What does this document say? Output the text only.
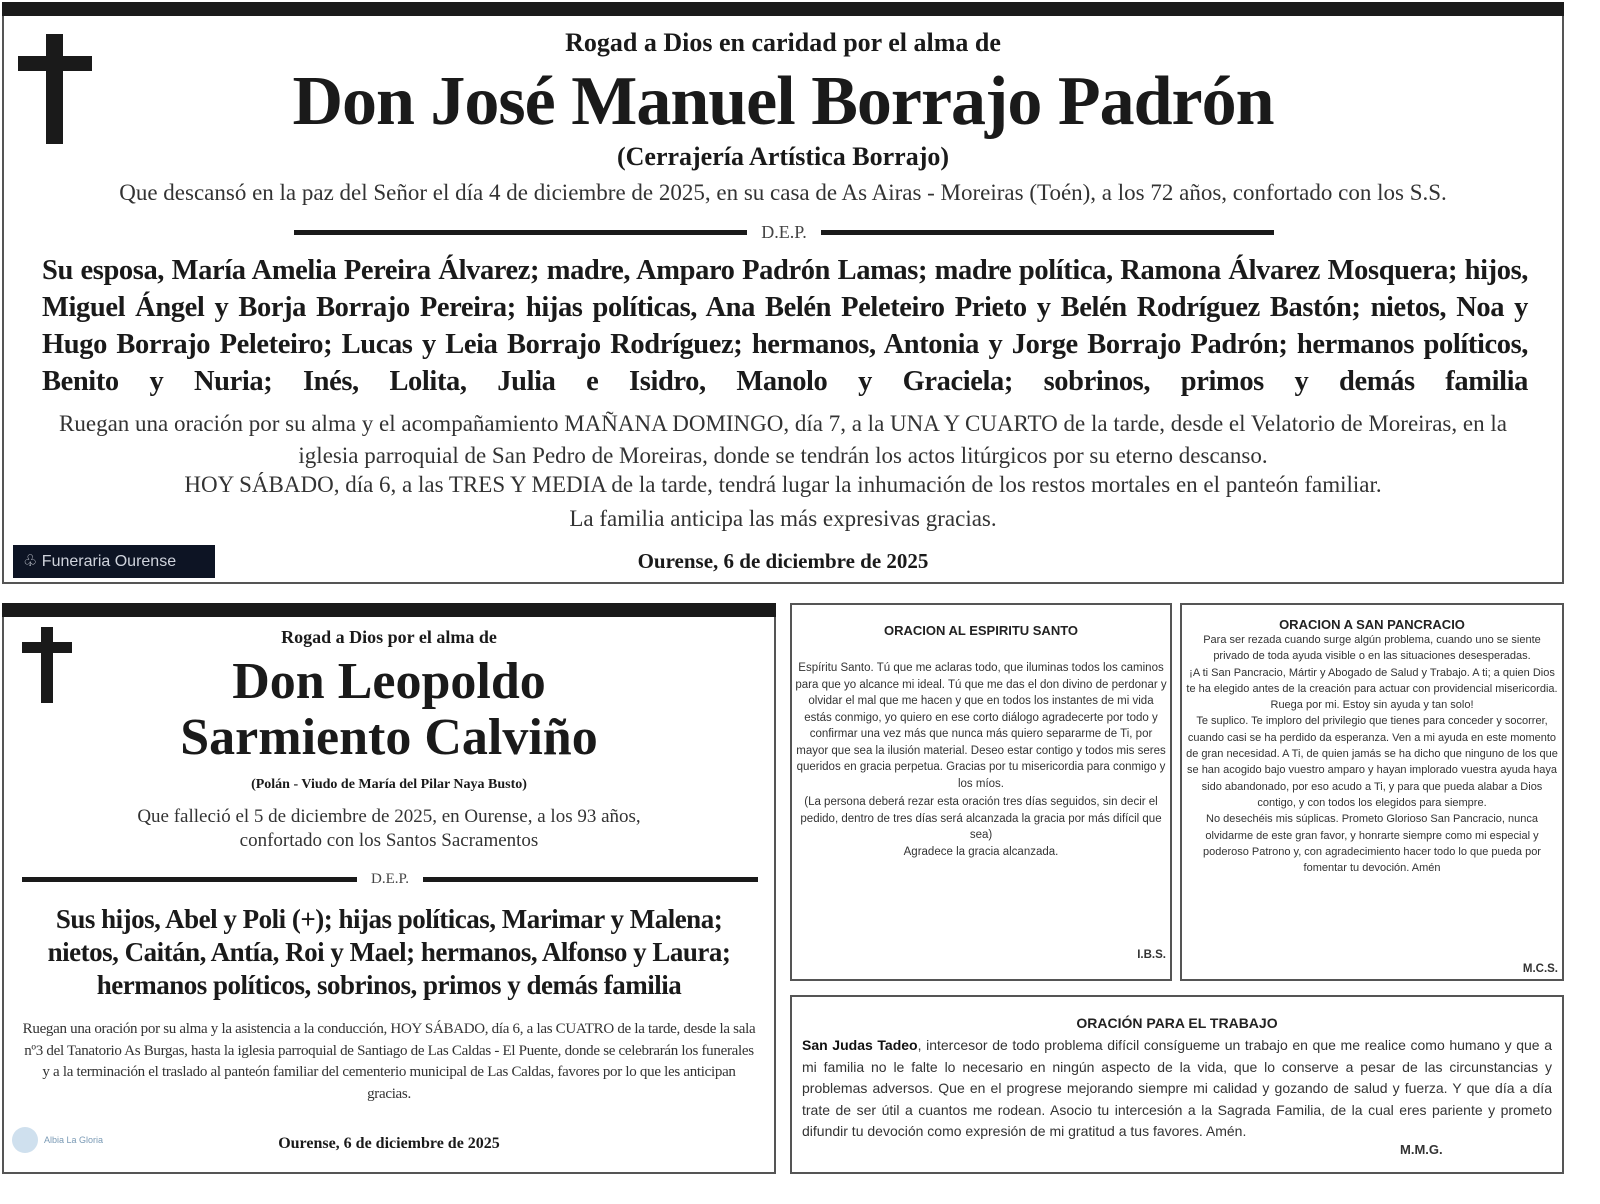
Rogad a Dios en caridad por el alma de
Don José Manuel Borrajo Padrón
(Cerrajería Artística Borrajo)
Que descansó en la paz del Señor el día 4 de diciembre de 2025, en su casa de As Airas - Moreiras (Toén), a los 72 años, confortado con los S.S.
D.E.P.
Su esposa, María Amelia Pereira Álvarez; madre, Amparo Padrón Lamas; madre política, Ramona Álvarez Mosquera; hijos, Miguel Ángel y Borja Borrajo Pereira; hijas políticas, Ana Belén Peleteiro Prieto y Belén Rodríguez Bastón; nietos, Noa y Hugo Borrajo Peleteiro; Lucas y Leia Borrajo Rodríguez; hermanos, Antonia y Jorge Borrajo Padrón; hermanos políticos, Benito y Nuria; Inés, Lolita, Julia e Isidro, Manolo y Graciela; sobrinos, primos y demás familia
Ruegan una oración por su alma y el acompañamiento MAÑANA DOMINGO, día 7, a la UNA Y CUARTO de la tarde, desde el Velatorio de Moreiras, en la iglesia parroquial de San Pedro de Moreiras, donde se tendrán los actos litúrgicos por su eterno descanso.
HOY SÁBADO, día 6, a las TRES Y MEDIA de la tarde, tendrá lugar la inhumación de los restos mortales en el panteón familiar.
La familia anticipa las más expresivas gracias.
♧ Funeraria Ourense	Ourense, 6 de diciembre de 2025
Rogad a Dios por el alma de
Don Leopoldo
Sarmiento Calviño
(Polán - Viudo de María del Pilar Naya Busto)
Que falleció el 5 de diciembre de 2025, en Ourense, a los 93 años, confortado con los Santos Sacramentos
D.E.P.
Sus hijos, Abel y Poli (+); hijas políticas, Marimar y Malena; nietos, Caitán, Antía, Roi y Mael; hermanos, Alfonso y Laura; hermanos políticos, sobrinos, primos y demás familia
Ruegan una oración por su alma y la asistencia a la conducción, HOY SÁBADO, día 6, a las CUATRO de la tarde, desde la sala nº3 del Tanatorio As Burgas, hasta la iglesia parroquial de Santiago de Las Caldas - El Puente, donde se celebrarán los funerales y a la terminación el traslado al panteón familiar del cementerio municipal de Las Caldas, favores por lo que les anticipan gracias.
Albia La Gloria	Ourense, 6 de diciembre de 2025
ORACION AL ESPIRITU SANTO
Espíritu Santo. Tú que me aclaras todo, que iluminas todos los caminos para que yo alcance mi ideal. Tú que me das el don divino de perdonar y olvidar el mal que me hacen y que en todos los instantes de mi vida estás conmigo, yo quiero en ese corto diálogo agradecerte por todo y confirmar una vez más que nunca más quiero separarme de Ti, por mayor que sea la ilusión material. Deseo estar contigo y todos mis seres queridos en gracia perpetua. Gracias por tu misericordia para conmigo y los míos.
(La persona deberá rezar esta oración tres días seguidos, sin decir el pedido, dentro de tres días será alcanzada la gracia por más difícil que sea)
Agradece la gracia alcanzada.
I.B.S.
ORACION A SAN PANCRACIO
Para ser rezada cuando surge algún problema, cuando uno se siente privado de toda ayuda visible o en las situaciones desesperadas.
¡A ti San Pancracio, Mártir y Abogado de Salud y Trabajo. A ti; a quien Dios te ha elegido antes de la creación para actuar con providencial misericordia. Ruega por mi. Estoy sin ayuda y tan solo!
Te suplico. Te imploro del privilegio que tienes para conceder y socorrer, cuando casi se ha perdido da esperanza. Ven a mi ayuda en este momento de gran necesidad. A Ti, de quien jamás se ha dicho que ninguno de los que se han acogido bajo vuestro amparo y hayan implorado vuestra ayuda haya sido abandonado, por eso acudo a Ti, y para que pueda alabar a Dios contigo, y con todos los elegidos para siempre.
No desechéis mis súplicas. Prometo Glorioso San Pancracio, nunca olvidarme de este gran favor, y honrarte siempre como mi especial y poderoso Patrono y, con agradecimiento hacer todo lo que pueda por fomentar tu devoción. Amén
M.C.S.
ORACIÓN PARA EL TRABAJO
San Judas Tadeo, intercesor de todo problema difícil consígueme un trabajo en que me realice como humano y que a mi familia no le falte lo necesario en ningún aspecto de la vida, que lo conserve a pesar de las circunstancias y problemas adversos. Que en el progrese mejorando siempre mi calidad y gozando de salud y fuerza. Y que día a día trate de ser útil a cuantos me rodean. Asocio tu intercesión a la Sagrada Familia, de la cual eres pariente y prometo difundir tu devoción como expresión de mi gratitud a tus favores. Amén.
M.M.G.
